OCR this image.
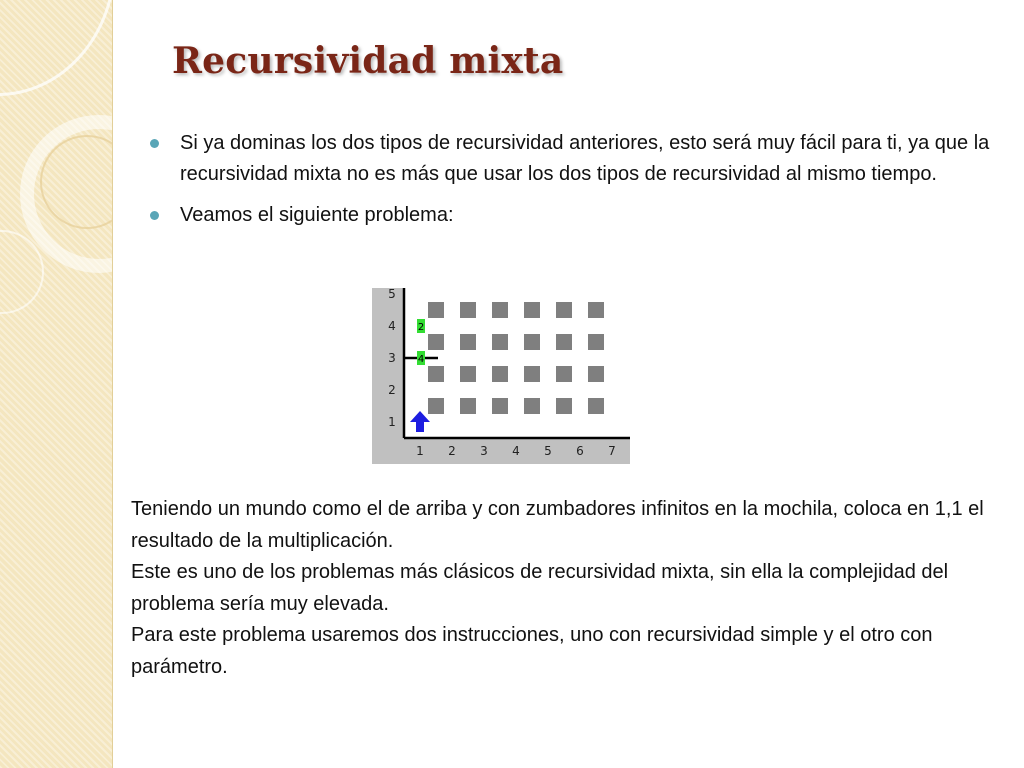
Recursividad mixta
Si ya dominas los dos tipos de recursividad anteriores, esto será muy fácil para ti, ya que la recursividad mixta no es más que usar los dos tipos de recursividad al mismo tiempo.
Veamos el siguiente problema:
1 2 3 4 5 6 7
1
2
3
4
5
2
4

Teniendo un mundo como el de arriba y con zumbadores infinitos en la mochila, coloca en 1,1 el resultado de la multiplicación.

Este es uno de los problemas más clásicos de recursividad mixta, sin ella la complejidad del problema sería muy elevada.

Para este problema usaremos dos instrucciones, uno con recursividad simple y el otro con parámetro.
